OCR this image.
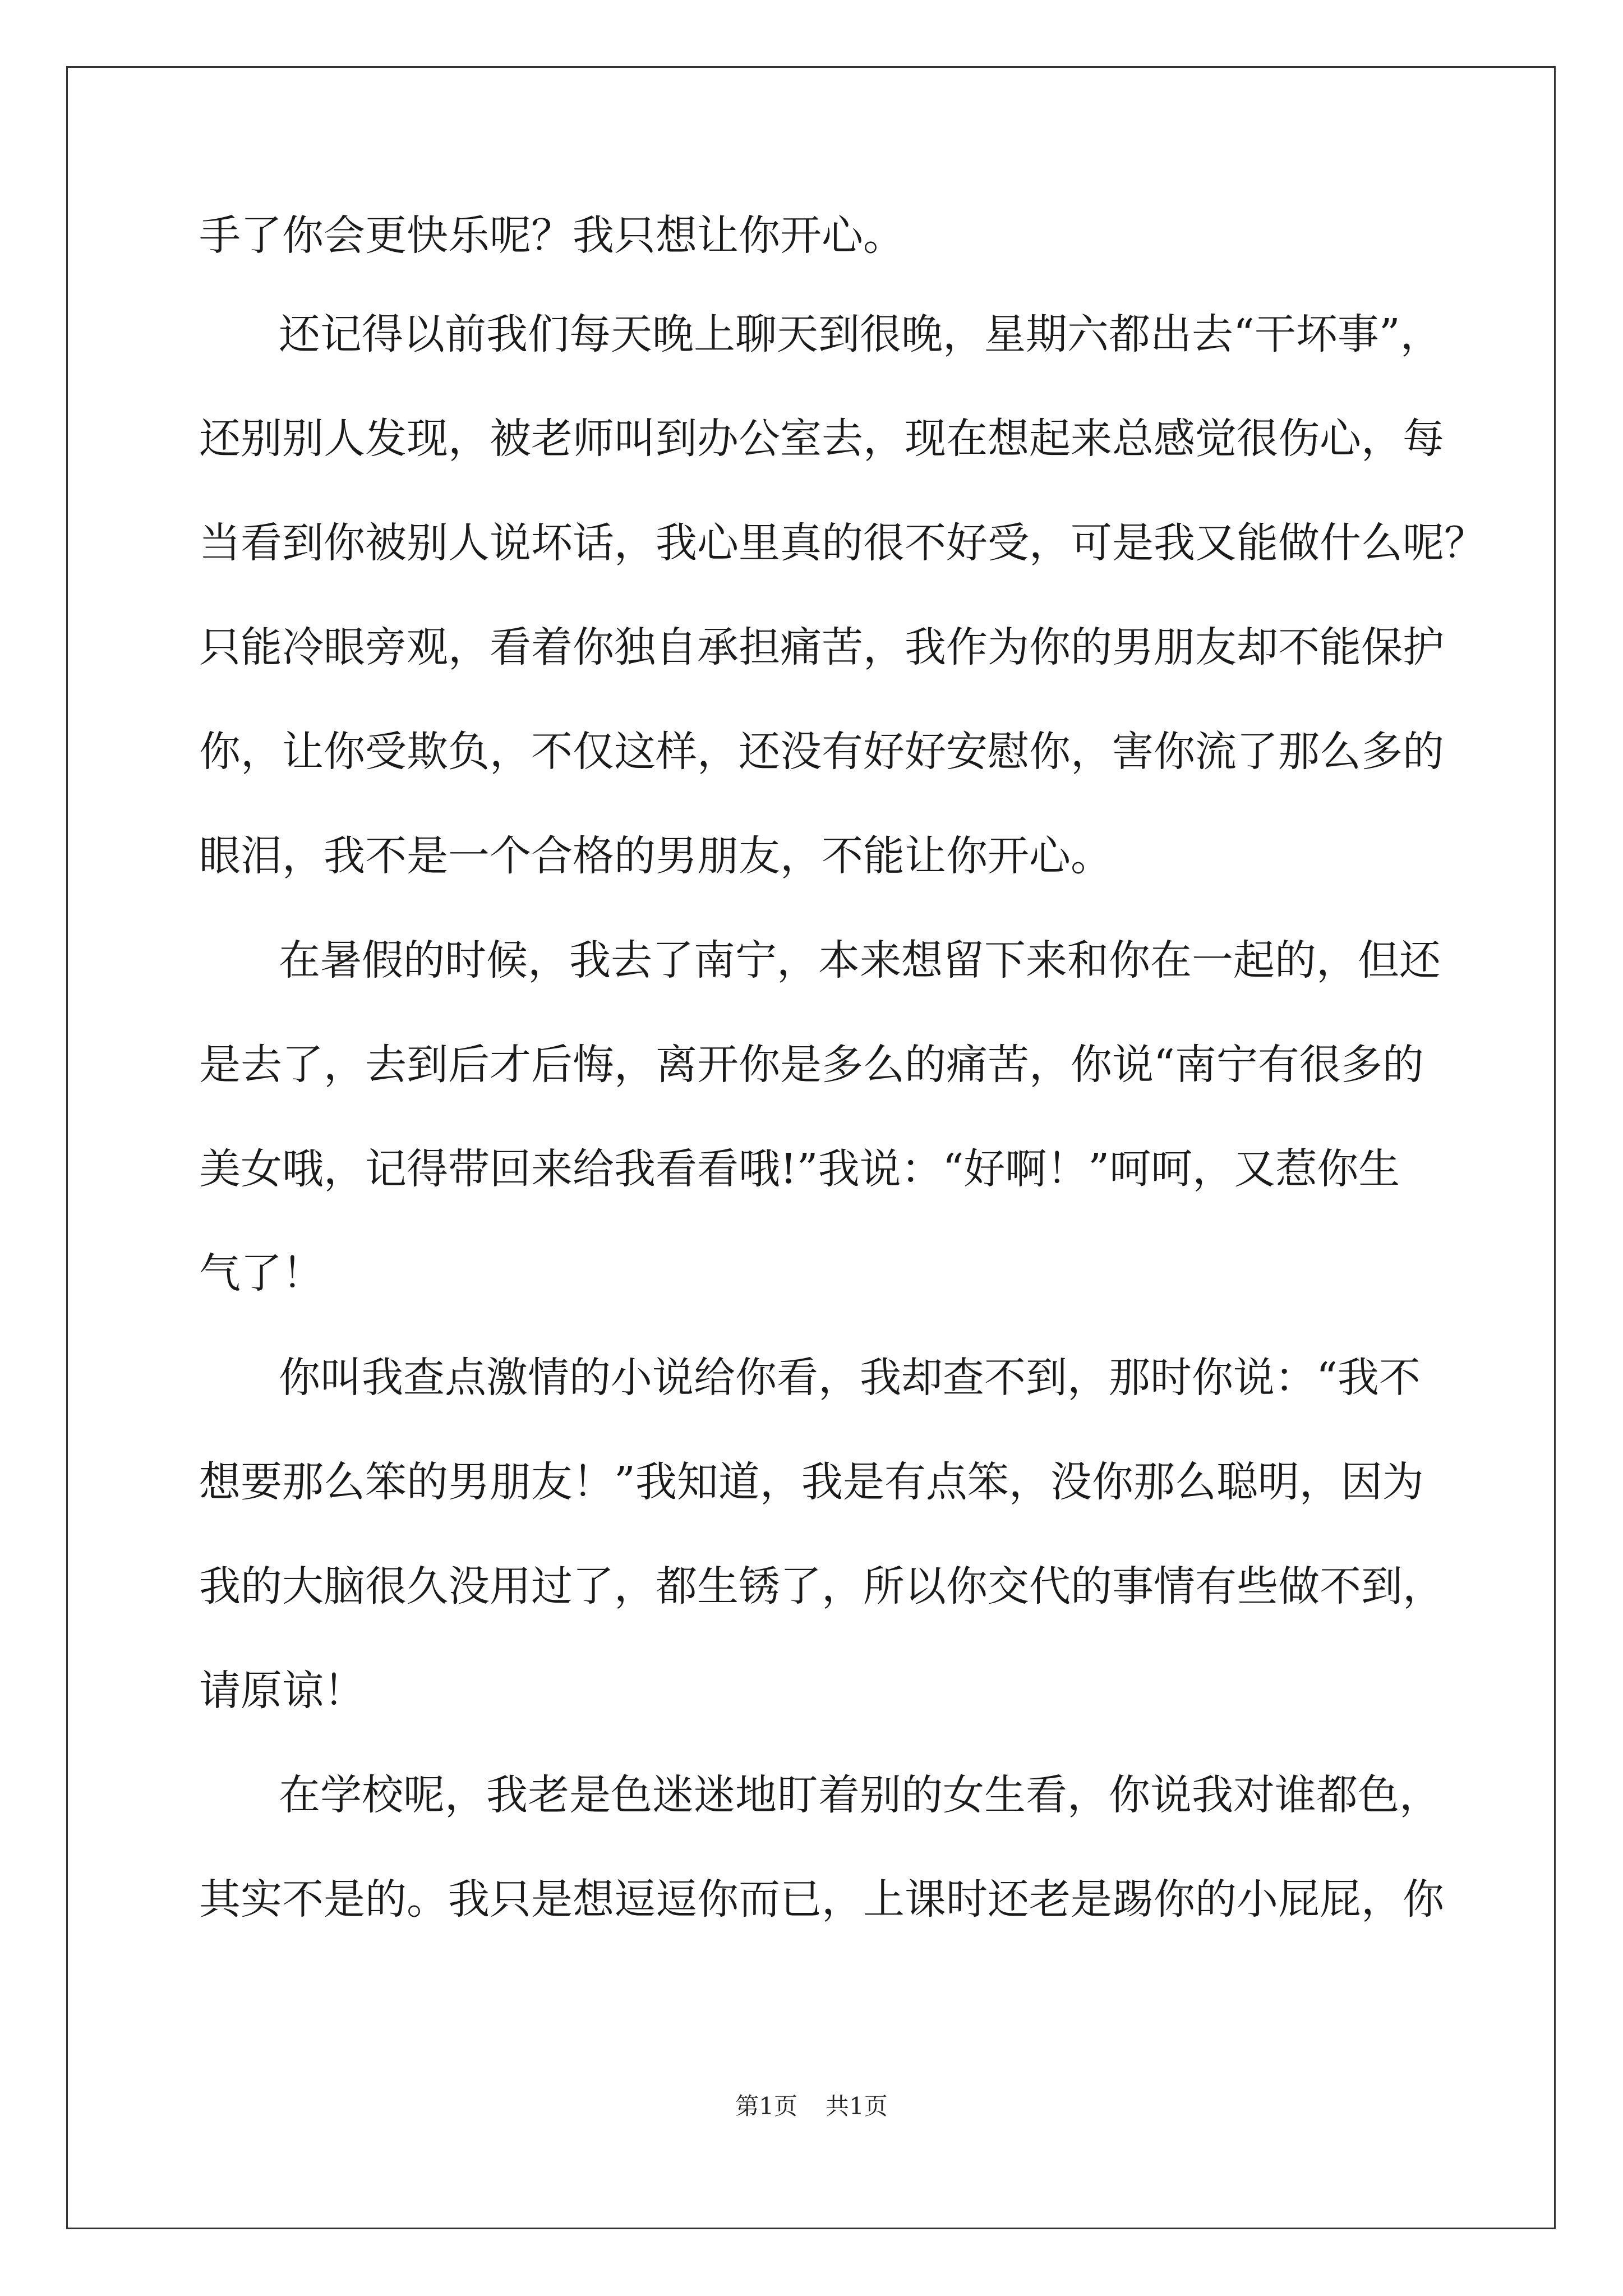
手了你会更快乐呢？我只想让你开心。
还记得以前我们每天晚上聊天到很晚，星期六都出去“干坏事”，
还别别人发现，被老师叫到办公室去，现在想起来总感觉很伤心，每
当看到你被别人说坏话，我心里真的很不好受，可是我又能做什么呢？
只能冷眼旁观，看着你独自承担痛苦，我作为你的男朋友却不能保护
你，让你受欺负，不仅这样，还没有好好安慰你，害你流了那么多的
眼泪，我不是一个合格的男朋友，不能让你开心。
在暑假的时候，我去了南宁，本来想留下来和你在一起的，但还
是去了，去到后才后悔，离开你是多么的痛苦，你说“南宁有很多的
美女哦，记得带回来给我看看哦!”我说：“好啊！”呵呵，又惹你生
气了！
你叫我查点激情的小说给你看，我却查不到，那时你说：“我不
想要那么笨的男朋友！”我知道，我是有点笨，没你那么聪明，因为
我的大脑很久没用过了，都生锈了，所以你交代的事情有些做不到，
请原谅！
在学校呢，我老是色迷迷地盯着别的女生看，你说我对谁都色，
其实不是的。我只是想逗逗你而已，上课时还老是踢你的小屁屁，你
第1页 共1页
